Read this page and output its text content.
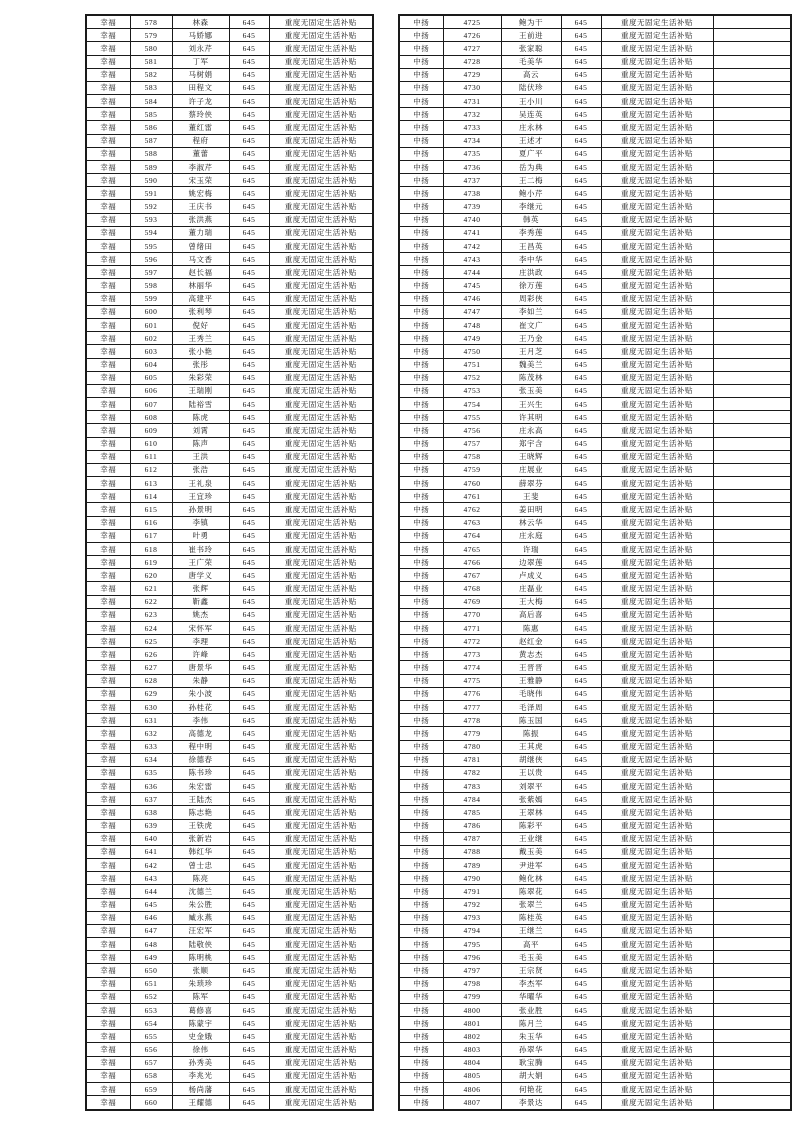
幸福	578	林森	645	重度无固定生活补贴
幸福	579	马娇娜	645	重度无固定生活补贴
幸福	580	刘永芹	645	重度无固定生活补贴
幸福	581	丁军	645	重度无固定生活补贴
幸福	582	马树娟	645	重度无固定生活补贴
幸福	583	田程文	645	重度无固定生活补贴
幸福	584	许子龙	645	重度无固定生活补贴
幸福	585	蔡玲侠	645	重度无固定生活补贴
幸福	586	董红雷	645	重度无固定生活补贴
幸福	587	程府	645	重度无固定生活补贴
幸福	588	董蕾	645	重度无固定生活补贴
幸福	589	李淑芹	645	重度无固定生活补贴
幸福	590	宋玉荣	645	重度无固定生活补贴
幸福	591	姚宏梅	645	重度无固定生活补贴
幸福	592	王庆书	645	重度无固定生活补贴
幸福	593	张洪燕	645	重度无固定生活补贴
幸福	594	董力瑞	645	重度无固定生活补贴
幸福	595	曾绪田	645	重度无固定生活补贴
幸福	596	马文香	645	重度无固定生活补贴
幸福	597	赵长福	645	重度无固定生活补贴
幸福	598	林丽华	645	重度无固定生活补贴
幸福	599	高建平	645	重度无固定生活补贴
幸福	600	张利琴	645	重度无固定生活补贴
幸福	601	倪好	645	重度无固定生活补贴
幸福	602	王秀兰	645	重度无固定生活补贴
幸福	603	张小艳	645	重度无固定生活补贴
幸福	604	张彤	645	重度无固定生活补贴
幸福	605	朱彩荣	645	重度无固定生活补贴
幸福	606	王瑞刚	645	重度无固定生活补贴
幸福	607	陆裕雪	645	重度无固定生活补贴
幸福	608	陈虎	645	重度无固定生活补贴
幸福	609	刘霄	645	重度无固定生活补贴
幸福	610	陈声	645	重度无固定生活补贴
幸福	611	王洪	645	重度无固定生活补贴
幸福	612	张浩	645	重度无固定生活补贴
幸福	613	王礼泉	645	重度无固定生活补贴
幸福	614	王宜珍	645	重度无固定生活补贴
幸福	615	孙景明	645	重度无固定生活补贴
幸福	616	李镇	645	重度无固定生活补贴
幸福	617	叶勇	645	重度无固定生活补贴
幸福	618	崔书玲	645	重度无固定生活补贴
幸福	619	王广荣	645	重度无固定生活补贴
幸福	620	唐学义	645	重度无固定生活补贴
幸福	621	张辉	645	重度无固定生活补贴
幸福	622	靳鑫	645	重度无固定生活补贴
幸福	623	姚杰	645	重度无固定生活补贴
幸福	624	宋怀军	645	重度无固定生活补贴
幸福	625	李理	645	重度无固定生活补贴
幸福	626	许峰	645	重度无固定生活补贴
幸福	627	唐景华	645	重度无固定生活补贴
幸福	628	朱静	645	重度无固定生活补贴
幸福	629	朱小波	645	重度无固定生活补贴
幸福	630	孙桂花	645	重度无固定生活补贴
幸福	631	李伟	645	重度无固定生活补贴
幸福	632	高德龙	645	重度无固定生活补贴
幸福	633	程中明	645	重度无固定生活补贴
幸福	634	徐德春	645	重度无固定生活补贴
幸福	635	陈书珍	645	重度无固定生活补贴
幸福	636	朱宏雷	645	重度无固定生活补贴
幸福	637	王陆杰	645	重度无固定生活补贴
幸福	638	陈志艳	645	重度无固定生活补贴
幸福	639	王铁虎	645	重度无固定生活补贴
幸福	640	张新岩	645	重度无固定生活补贴
幸福	641	韩红华	645	重度无固定生活补贴
幸福	642	曾士忠	645	重度无固定生活补贴
幸福	643	陈亮	645	重度无固定生活补贴
幸福	644	沈德兰	645	重度无固定生活补贴
幸福	645	朱公胜	645	重度无固定生活补贴
幸福	646	臧永燕	645	重度无固定生活补贴
幸福	647	汪宏军	645	重度无固定生活补贴
幸福	648	陆敬侠	645	重度无固定生活补贴
幸福	649	陈明桃	645	重度无固定生活补贴
幸福	650	张顺	645	重度无固定生活补贴
幸福	651	朱琐珍	645	重度无固定生活补贴
幸福	652	陈军	645	重度无固定生活补贴
幸福	653	葛修喜	645	重度无固定生活补贴
幸福	654	陈蒙宇	645	重度无固定生活补贴
幸福	655	史金娥	645	重度无固定生活补贴
幸福	656	徐伟	645	重度无固定生活补贴
幸福	657	孙秀美	645	重度无固定生活补贴
幸福	658	李兆光	645	重度无固定生活补贴
幸福	659	杨尚藩	645	重度无固定生活补贴
幸福	660	王耀德	645	重度无固定生活补贴
中扬	4725	鲍为干	645	重度无固定生活补贴	
中扬	4726	王前进	645	重度无固定生活补贴	
中扬	4727	张家聪	645	重度无固定生活补贴	
中扬	4728	毛美华	645	重度无固定生活补贴	
中扬	4729	高云	645	重度无固定生活补贴	
中扬	4730	陆伏珍	645	重度无固定生活补贴	
中扬	4731	王小川	645	重度无固定生活补贴	
中扬	4732	吴连英	645	重度无固定生活补贴	
中扬	4733	庄永林	645	重度无固定生活补贴	
中扬	4734	王述才	645	重度无固定生活补贴	
中扬	4735	夏广平	645	重度无固定生活补贴	
中扬	4736	岳为典	645	重度无固定生活补贴	
中扬	4737	王二梅	645	重度无固定生活补贴	
中扬	4738	鲍小芹	645	重度无固定生活补贴	
中扬	4739	李继元	645	重度无固定生活补贴	
中扬	4740	韩英	645	重度无固定生活补贴	
中扬	4741	李秀莲	645	重度无固定生活补贴	
中扬	4742	王昌英	645	重度无固定生活补贴	
中扬	4743	李中华	645	重度无固定生活补贴	
中扬	4744	庄洪政	645	重度无固定生活补贴	
中扬	4745	徐万莲	645	重度无固定生活补贴	
中扬	4746	周彩侠	645	重度无固定生活补贴	
中扬	4747	李如兰	645	重度无固定生活补贴	
中扬	4748	崔文广	645	重度无固定生活补贴	
中扬	4749	王乃金	645	重度无固定生活补贴	
中扬	4750	王月芝	645	重度无固定生活补贴	
中扬	4751	魏美兰	645	重度无固定生活补贴	
中扬	4752	陈茂林	645	重度无固定生活补贴	
中扬	4753	张玉美	645	重度无固定生活补贴	
中扬	4754	王兴生	645	重度无固定生活补贴	
中扬	4755	许其明	645	重度无固定生活补贴	
中扬	4756	庄永高	645	重度无固定生活补贴	
中扬	4757	郑宇含	645	重度无固定生活补贴	
中扬	4758	王晓辉	645	重度无固定生活补贴	
中扬	4759	庄展业	645	重度无固定生活补贴	
中扬	4760	薛翠芬	645	重度无固定生活补贴	
中扬	4761	王斐	645	重度无固定生活补贴	
中扬	4762	姜田明	645	重度无固定生活补贴	
中扬	4763	林云华	645	重度无固定生活补贴	
中扬	4764	庄永庭	645	重度无固定生活补贴	
中扬	4765	许瑞	645	重度无固定生活补贴	
中扬	4766	边翠莲	645	重度无固定生活补贴	
中扬	4767	卢成义	645	重度无固定生活补贴	
中扬	4768	庄磊业	645	重度无固定生活补贴	
中扬	4769	王大梅	645	重度无固定生活补贴	
中扬	4770	高后喜	645	重度无固定生活补贴	
中扬	4771	陈惠	645	重度无固定生活补贴	
中扬	4772	赵红金	645	重度无固定生活补贴	
中扬	4773	黄志杰	645	重度无固定生活补贴	
中扬	4774	王晋晋	645	重度无固定生活补贴	
中扬	4775	王雅静	645	重度无固定生活补贴	
中扬	4776	毛晓伟	645	重度无固定生活补贴	
中扬	4777	毛泽周	645	重度无固定生活补贴	
中扬	4778	陈玉国	645	重度无固定生活补贴	
中扬	4779	陈振	645	重度无固定生活补贴	
中扬	4780	王其虎	645	重度无固定生活补贴	
中扬	4781	胡继侠	645	重度无固定生活补贴	
中扬	4782	王以贵	645	重度无固定生活补贴	
中扬	4783	刘翠平	645	重度无固定生活补贴	
中扬	4784	张紫嫣	645	重度无固定生活补贴	
中扬	4785	王翠林	645	重度无固定生活补贴	
中扬	4786	陈彩平	645	重度无固定生活补贴	
中扬	4787	王业继	645	重度无固定生活补贴	
中扬	4788	戴玉美	645	重度无固定生活补贴	
中扬	4789	尹进军	645	重度无固定生活补贴	
中扬	4790	鲍化林	645	重度无固定生活补贴	
中扬	4791	陈翠花	645	重度无固定生活补贴	
中扬	4792	张翠兰	645	重度无固定生活补贴	
中扬	4793	陈桂英	645	重度无固定生活补贴	
中扬	4794	王继兰	645	重度无固定生活补贴	
中扬	4795	高平	645	重度无固定生活补贴	
中扬	4796	毛玉美	645	重度无固定生活补贴	
中扬	4797	王宗贤	645	重度无固定生活补贴	
中扬	4798	李杰军	645	重度无固定生活补贴	
中扬	4799	华曜华	645	重度无固定生活补贴	
中扬	4800	张业胜	645	重度无固定生活补贴	
中扬	4801	陈月兰	645	重度无固定生活补贴	
中扬	4802	朱玉华	645	重度无固定生活补贴	
中扬	4803	孙翠华	645	重度无固定生活补贴	
中扬	4804	耿宝腾	645	重度无固定生活补贴	
中扬	4805	胡大娟	645	重度无固定生活补贴	
中扬	4806	何艳花	645	重度无固定生活补贴	
中扬	4807	李景达	645	重度无固定生活补贴	
